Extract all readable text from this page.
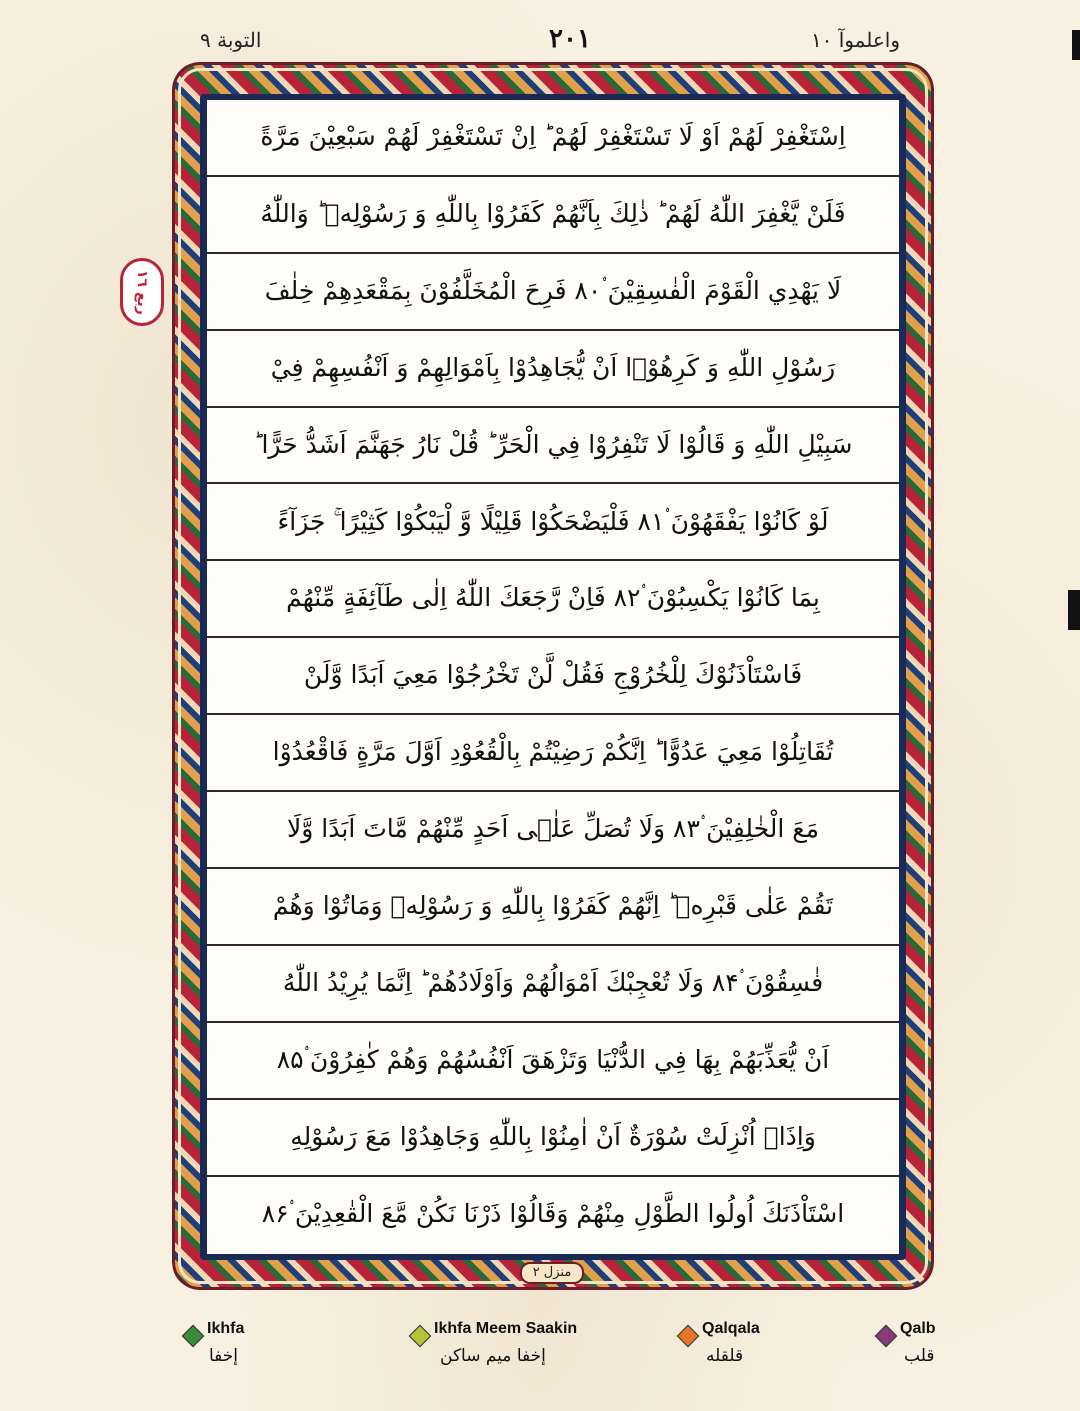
التوبة ٩	٢٠١	واعلموآ ١٠
اِسْتَغْفِرْ لَهُمْ اَوْ لَا تَسْتَغْفِرْ لَهُمْ ؕ اِنْ تَسْتَغْفِرْ لَهُمْ سَبْعِيْنَ مَرَّةً
فَلَنْ يَّغْفِرَ اللّٰهُ لَهُمْ ؕ ذٰلِكَ بِاَنَّهُمْ كَفَرُوْا بِاللّٰهِ وَ رَسُوْلِهٖ ؕ وَاللّٰهُ
لَا يَهْدِي الْقَوْمَ الْفٰسِقِيْنَ ۟۸۰ فَرِحَ الْمُخَلَّفُوْنَ بِمَقْعَدِهِمْ خِلٰفَ
رَسُوْلِ اللّٰهِ وَ كَرِهُوْۤا اَنْ يُّجَاهِدُوْا بِاَمْوَالِهِمْ وَ اَنْفُسِهِمْ فِيْ
سَبِيْلِ اللّٰهِ وَ قَالُوْا لَا تَنْفِرُوْا فِي الْحَرِّ ؕ قُلْ نَارُ جَهَنَّمَ اَشَدُّ حَرًّا ؕ
لَوْ كَانُوْا يَفْقَهُوْنَ ۟۸۱ فَلْيَضْحَكُوْا قَلِيْلًا وَّ لْيَبْكُوْا كَثِيْرًا ۚ جَزَآءً
بِمَا كَانُوْا يَكْسِبُوْنَ ۟۸۲ فَاِنْ رَّجَعَكَ اللّٰهُ اِلٰى طَآئِفَةٍ مِّنْهُمْ
فَاسْتَاْذَنُوْكَ لِلْخُرُوْجِ فَقُلْ لَّنْ تَخْرُجُوْا مَعِيَ اَبَدًا وَّلَنْ
تُقَاتِلُوْا مَعِيَ عَدُوًّا ؕ اِنَّكُمْ رَضِيْتُمْ بِالْقُعُوْدِ اَوَّلَ مَرَّةٍ فَاقْعُدُوْا
مَعَ الْخٰلِفِيْنَ ۟۸۳ وَلَا تُصَلِّ عَلٰۤى اَحَدٍ مِّنْهُمْ مَّاتَ اَبَدًا وَّلَا
تَقُمْ عَلٰى قَبْرِهٖ ؕ اِنَّهُمْ كَفَرُوْا بِاللّٰهِ وَ رَسُوْلِهٖ وَمَاتُوْا وَهُمْ
فٰسِقُوْنَ ۟۸۴ وَلَا تُعْجِبْكَ اَمْوَالُهُمْ وَاَوْلَادُهُمْ ؕ اِنَّمَا يُرِيْدُ اللّٰهُ
اَنْ يُّعَذِّبَهُمْ بِهَا فِي الدُّنْيَا وَتَزْهَقَ اَنْفُسُهُمْ وَهُمْ كٰفِرُوْنَ ۟۸۵
وَاِذَاۤ اُنْزِلَتْ سُوْرَةٌ اَنْ اٰمِنُوْا بِاللّٰهِ وَجَاهِدُوْا مَعَ رَسُوْلِهِ
اسْتَاْذَنَكَ اُولُوا الطَّوْلِ مِنْهُمْ وَقَالُوْا ذَرْنَا نَكُنْ مَّعَ الْقٰعِدِيْنَ ۟۸۶
ربع ١٦
منزل ٢
Ikhfa
إخفا
Ikhfa Meem Saakin
إخفا ميم ساكن
Qalqala
قلقله
Qalb
قلب
